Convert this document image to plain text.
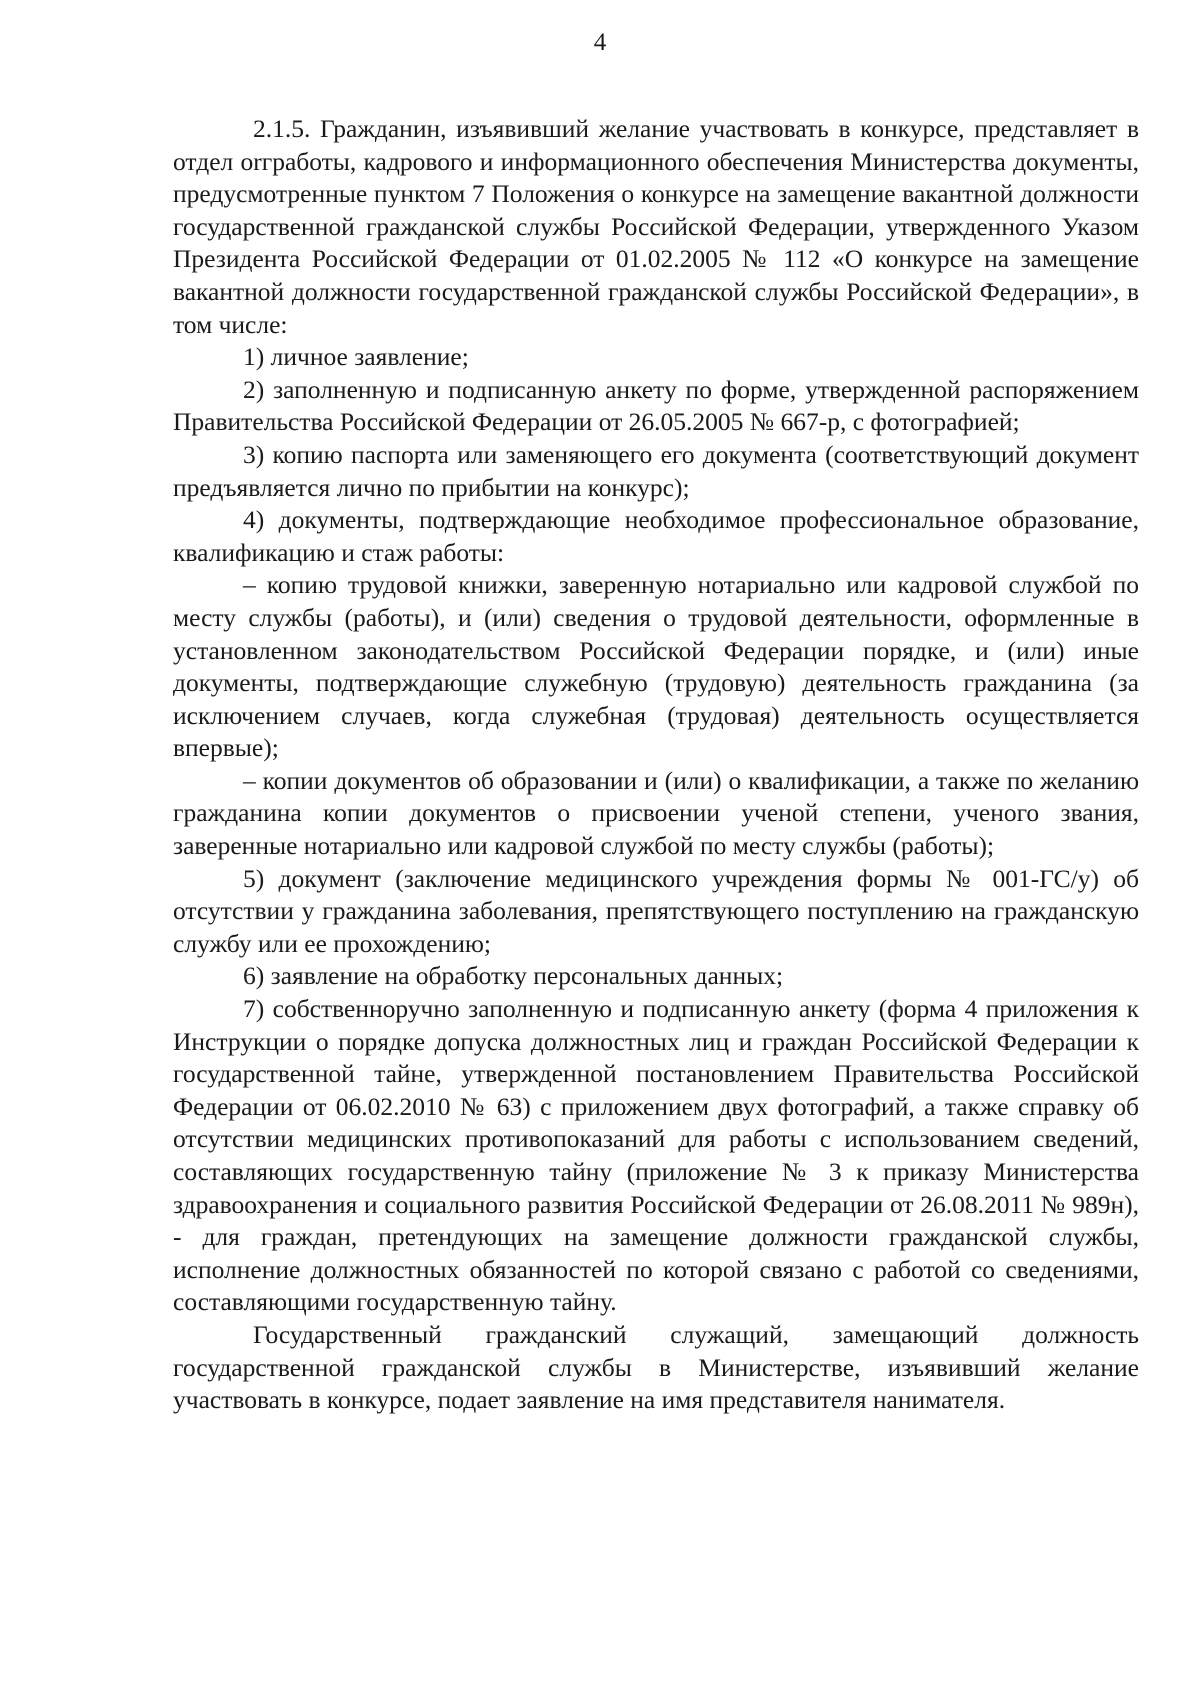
4

2.1.5. Гражданин, изъявивший желание участвовать в конкурсе, представляет в отдел orгработы, кадрового и информационного обеспечения Министерства документы, предусмотренные пунктом 7 Положения о конкурсе на замещение вакантной должности государственной гражданской службы Российской Федерации, утвержденного Указом Президента Российской Федерации от 01.02.2005 № 112 «О конкурсе на замещение вакантной должности государственной гражданской службы Российской Федерации», в том числе:

1) личное заявление;

2) заполненную и подписанную анкету по форме, утвержденной распоряжением Правительства Российской Федерации от 26.05.2005 № 667-р, с фотографией;

3) копию паспорта или заменяющего его документа (соответствующий документ предъявляется лично по прибытии на конкурс);

4) документы, подтверждающие необходимое профессиональное образование, квалификацию и стаж работы:

– копию трудовой книжки, заверенную нотариально или кадровой службой по месту службы (работы), и (или) сведения о трудовой деятельности, оформленные в установленном законодательством Российской Федерации порядке, и (или) иные документы, подтверждающие служебную (трудовую) деятельность гражданина (за исключением случаев, когда служебная (трудовая) деятельность осуществляется впервые);

– копии документов об образовании и (или) о квалификации, а также по желанию гражданина копии документов о присвоении ученой степени, ученого звания, заверенные нотариально или кадровой службой по месту службы (работы);

5) документ (заключение медицинского учреждения формы № 001-ГС/у) об отсутствии у гражданина заболевания, препятствующего поступлению на гражданскую службу или ее прохождению;

6) заявление на обработку персональных данных;

7) собственноручно заполненную и подписанную анкету (форма 4 приложения к Инструкции о порядке допуска должностных лиц и граждан Российской Федерации к государственной тайне, утвержденной постановлением Правительства Российской Федерации от 06.02.2010 № 63) с приложением двух фотографий, а также справку об отсутствии медицинских противопоказаний для работы с использованием сведений, составляющих государственную тайну (приложение № 3 к приказу Министерства здравоохранения и социального развития Российской Федерации от 26.08.2011 № 989н), - для граждан, претендующих на замещение должности гражданской службы, исполнение должностных обязанностей по которой связано с работой со сведениями, составляющими государственную тайну.

Государственный гражданский служащий, замещающий должность государственной гражданской службы в Министерстве, изъявивший желание участвовать в конкурсе, подает заявление на имя представителя нанимателя.
